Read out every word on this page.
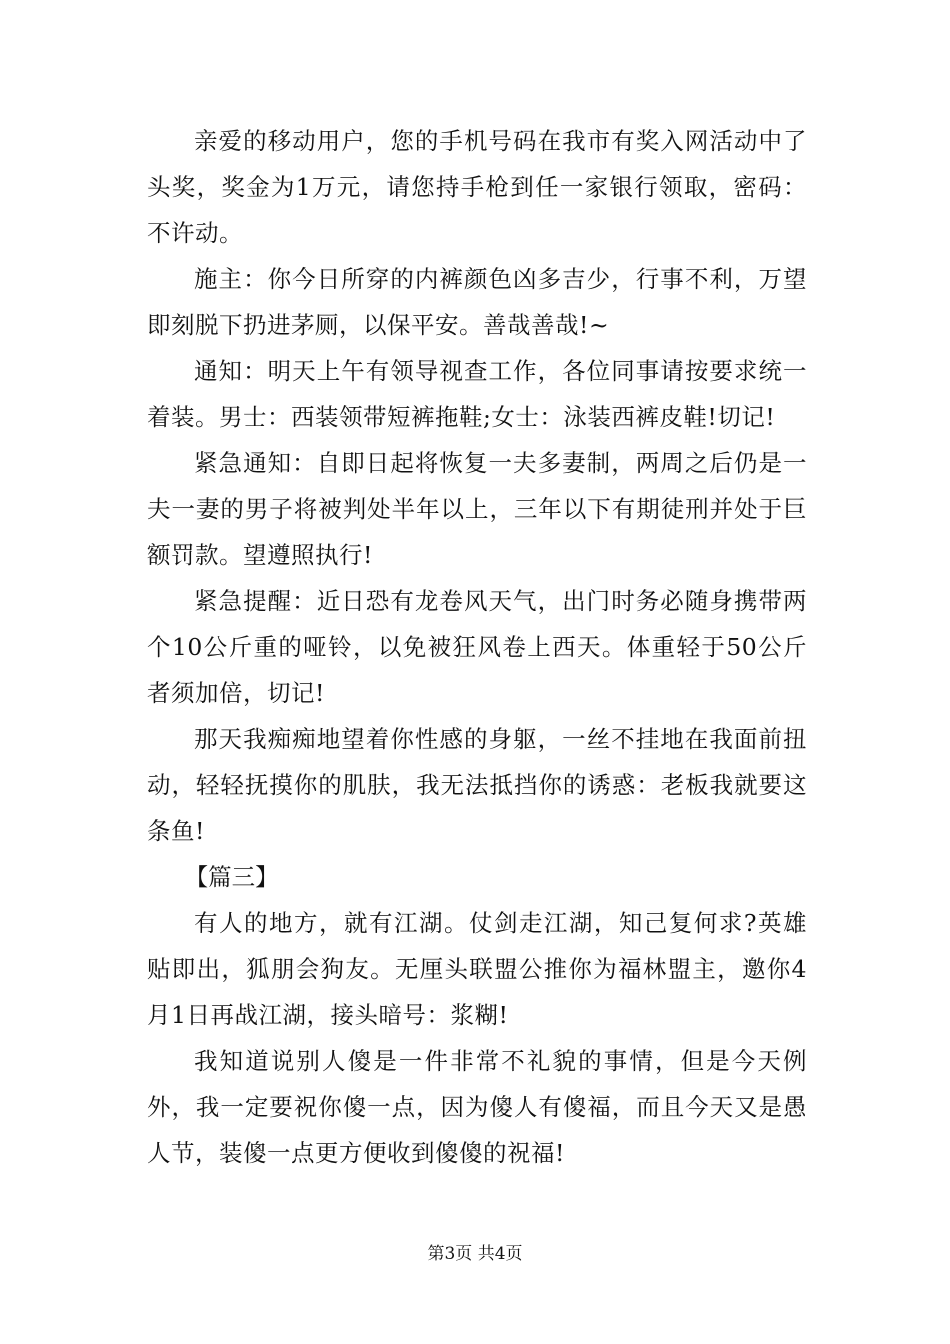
亲爱的移动用户，您的手机号码在我市有奖入网活动中了头奖，奖金为1万元，请您持手枪到任一家银行领取，密码：不许动。

施主：你今日所穿的内裤颜色凶多吉少，行事不利，万望即刻脱下扔进茅厕，以保平安。善哉善哉!~

通知：明天上午有领导视查工作，各位同事请按要求统一着装。男士：西装领带短裤拖鞋;女士：泳装西裤皮鞋!切记!

紧急通知：自即日起将恢复一夫多妻制，两周之后仍是一夫一妻的男子将被判处半年以上，三年以下有期徒刑并处于巨额罚款。望遵照执行!

紧急提醒：近日恐有龙卷风天气，出门时务必随身携带两个10公斤重的哑铃，以免被狂风卷上西天。体重轻于50公斤者须加倍，切记!

那天我痴痴地望着你性感的身躯，一丝不挂地在我面前扭动，轻轻抚摸你的肌肤，我无法抵挡你的诱惑：老板我就要这条鱼!

【篇三】

有人的地方，就有江湖。仗剑走江湖，知己复何求?英雄贴即出，狐朋会狗友。无厘头联盟公推你为福林盟主，邀你4月1日再战江湖，接头暗号：浆糊!

我知道说别人傻是一件非常不礼貌的事情，但是今天例外，我一定要祝你傻一点，因为傻人有傻福，而且今天又是愚人节，装傻一点更方便收到傻傻的祝福!

第3页 共4页
